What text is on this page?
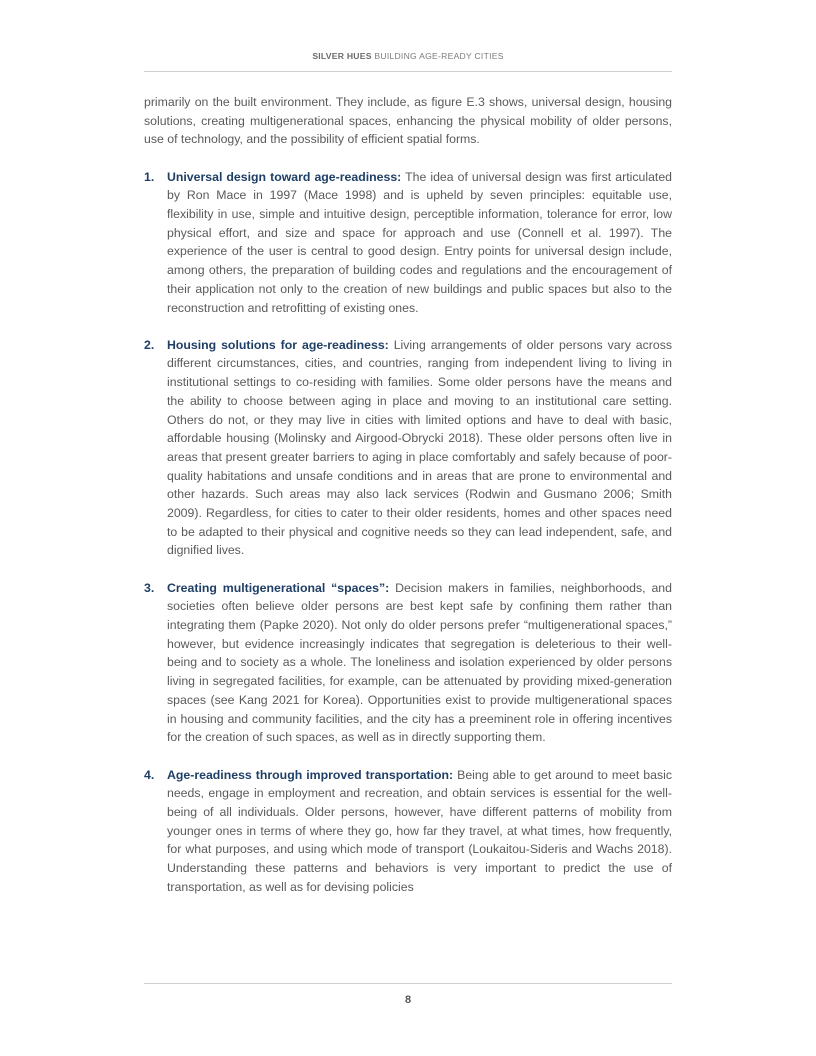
SILVER HUES BUILDING AGE-READY CITIES

primarily on the built environment. They include, as figure E.3 shows, universal design, housing solutions, creating multigenerational spaces, enhancing the physical mobility of older persons, use of technology, and the possibility of efficient spatial forms.

1. Universal design toward age-readiness: The idea of universal design was first articulated by Ron Mace in 1997 (Mace 1998) and is upheld by seven principles: equitable use, flexibility in use, simple and intuitive design, perceptible information, tolerance for error, low physical effort, and size and space for approach and use (Connell et al. 1997). The experience of the user is central to good design. Entry points for universal design include, among others, the preparation of building codes and regulations and the encouragement of their application not only to the creation of new buildings and public spaces but also to the reconstruction and retrofitting of existing ones.

2. Housing solutions for age-readiness: Living arrangements of older persons vary across different circumstances, cities, and countries, ranging from independent living to living in institutional settings to co-residing with families. Some older persons have the means and the ability to choose between aging in place and moving to an institutional care setting. Others do not, or they may live in cities with limited options and have to deal with basic, affordable housing (Molinsky and Airgood-Obrycki 2018). These older persons often live in areas that present greater barriers to aging in place comfortably and safely because of poor-quality habitations and unsafe conditions and in areas that are prone to environmental and other hazards. Such areas may also lack services (Rodwin and Gusmano 2006; Smith 2009). Regardless, for cities to cater to their older residents, homes and other spaces need to be adapted to their physical and cognitive needs so they can lead independent, safe, and dignified lives.

3. Creating multigenerational “spaces”: Decision makers in families, neighborhoods, and societies often believe older persons are best kept safe by confining them rather than integrating them (Papke 2020). Not only do older persons prefer “multigenerational spaces,” however, but evidence increasingly indicates that segregation is deleterious to their well-being and to society as a whole. The loneliness and isolation experienced by older persons living in segregated facilities, for example, can be attenuated by providing mixed-generation spaces (see Kang 2021 for Korea). Opportunities exist to provide multigenerational spaces in housing and community facilities, and the city has a preeminent role in offering incentives for the creation of such spaces, as well as in directly supporting them.

4. Age-readiness through improved transportation: Being able to get around to meet basic needs, engage in employment and recreation, and obtain services is essential for the well-being of all individuals. Older persons, however, have different patterns of mobility from younger ones in terms of where they go, how far they travel, at what times, how frequently, for what purposes, and using which mode of transport (Loukaitou-Sideris and Wachs 2018). Understanding these patterns and behaviors is very important to predict the use of transportation, as well as for devising policies

8
